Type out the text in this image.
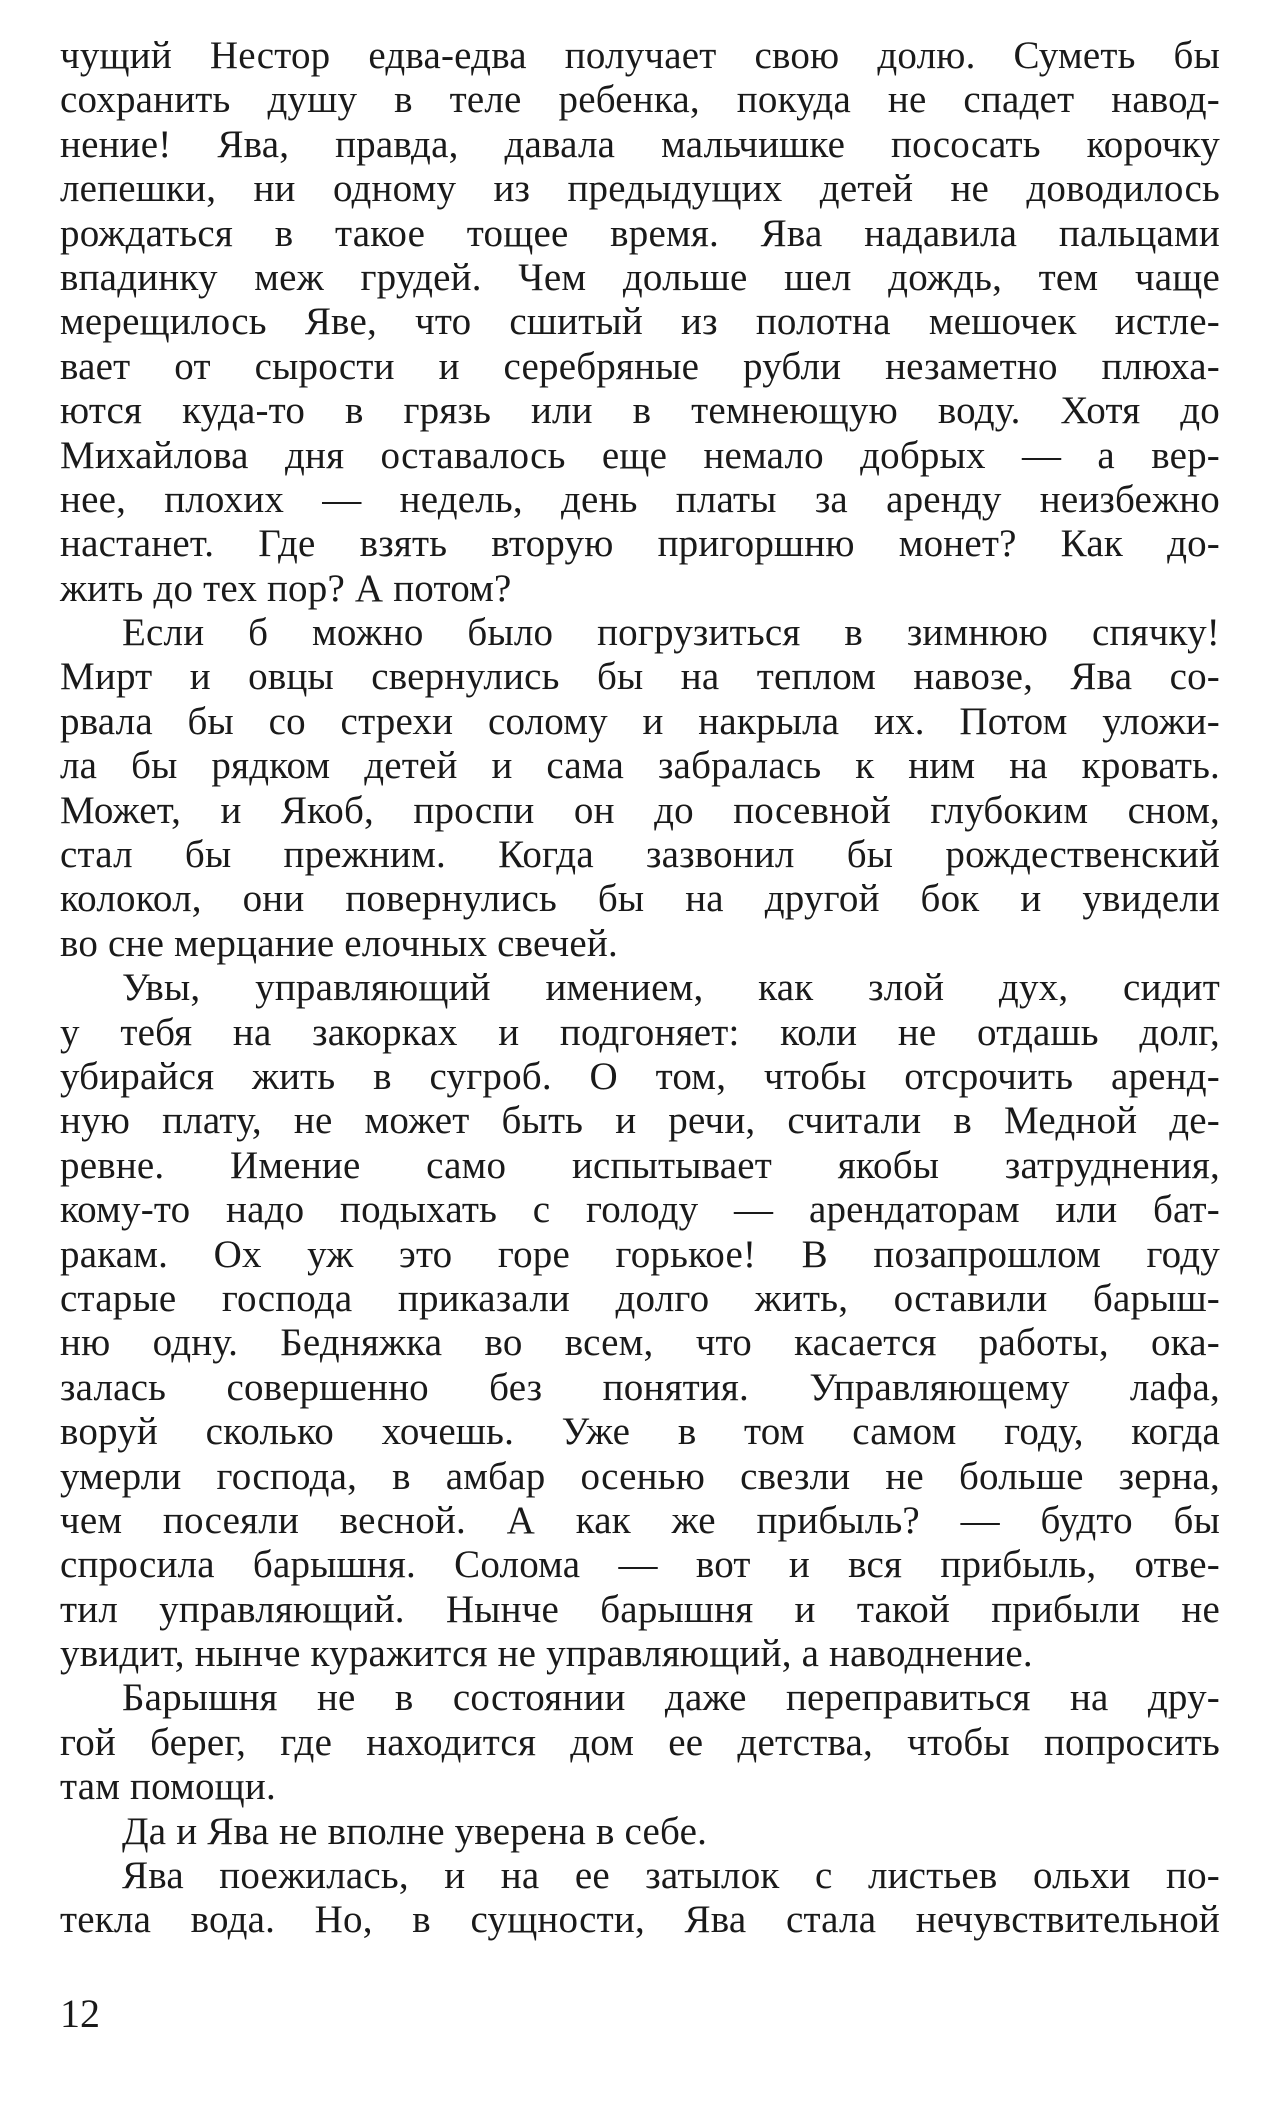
чущий Нестор едва-едва получает свою долю. Суметь бы
сохранить душу в теле ребенка, покуда не спадет навод-
нение! Ява, правда, давала мальчишке пососать корочку
лепешки, ни одному из предыдущих детей не доводилось
рождаться в такое тощее время. Ява надавила пальцами
впадинку меж грудей. Чем дольше шел дождь, тем чаще
мерещилось Яве, что сшитый из полотна мешочек истле-
вает от сырости и серебряные рубли незаметно плюха-
ются куда-то в грязь или в темнеющую воду. Хотя до
Михайлова дня оставалось еще немало добрых — а вер-
нее, плохих — недель, день платы за аренду неизбежно
настанет. Где взять вторую пригоршню монет? Как до-
жить до тех пор? А потом?
Если б можно было погрузиться в зимнюю спячку!
Мирт и овцы свернулись бы на теплом навозе, Ява со-
рвала бы со стрехи солому и накрыла их. Потом уложи-
ла бы рядком детей и сама забралась к ним на кровать.
Может, и Якоб, проспи он до посевной глубоким сном,
стал бы прежним. Когда зазвонил бы рождественский
колокол, они повернулись бы на другой бок и увидели
во сне мерцание елочных свечей.
Увы, управляющий имением, как злой дух, сидит
у тебя на закорках и подгоняет: коли не отдашь долг,
убирайся жить в сугроб. О том, чтобы отсрочить аренд-
ную плату, не может быть и речи, считали в Медной де-
ревне. Имение само испытывает якобы затруднения,
кому-то надо подыхать с голоду — арендаторам или бат-
ракам. Ох уж это горе горькое! В позапрошлом году
старые господа приказали долго жить, оставили барыш-
ню одну. Бедняжка во всем, что касается работы, ока-
залась совершенно без понятия. Управляющему лафа,
воруй сколько хочешь. Уже в том самом году, когда
умерли господа, в амбар осенью свезли не больше зерна,
чем посеяли весной. А как же прибыль? — будто бы
спросила барышня. Солома — вот и вся прибыль, отве-
тил управляющий. Нынче барышня и такой прибыли не
увидит, нынче куражится не управляющий, а наводнение.
Барышня не в состоянии даже переправиться на дру-
гой берег, где находится дом ее детства, чтобы попросить
там помощи.
Да и Ява не вполне уверена в себе.
Ява поежилась, и на ее затылок с листьев ольхи по-
текла вода. Но, в сущности, Ява стала нечувствительной
12
